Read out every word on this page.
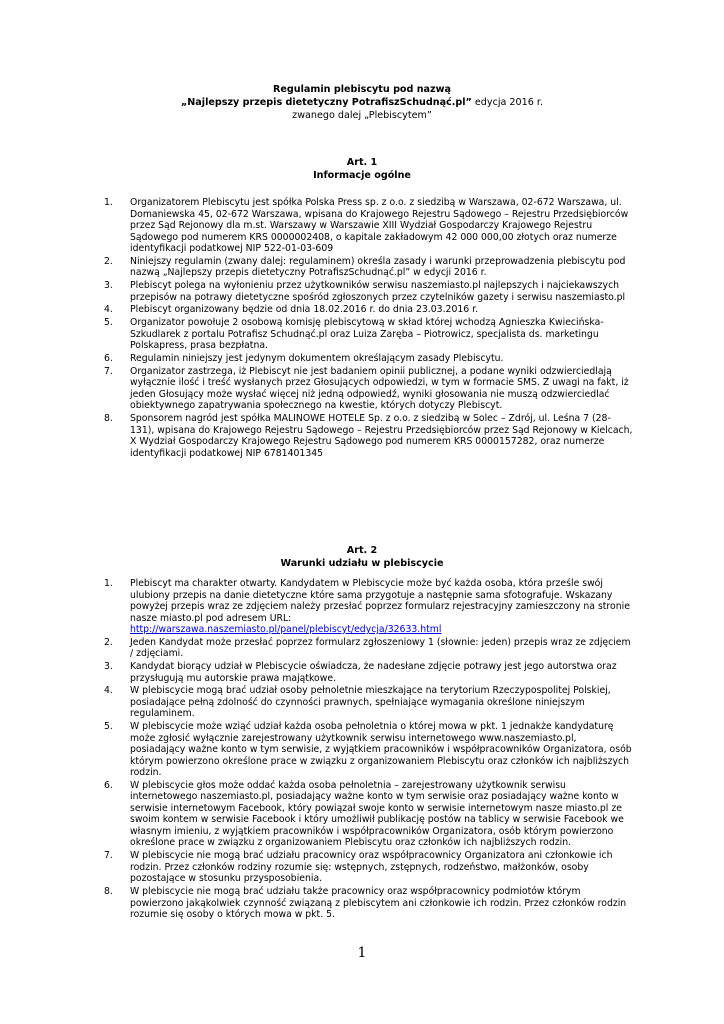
Regulamin plebiscytu pod nazwą
„Najlepszy przepis dietetyczny PotrafiszSchudnąć.pl” edycja 2016 r.
zwanego dalej „Plebiscytem”
Art. 1
Informacje ogólne
1.	Organizatorem Plebiscytu jest spółka Polska Press sp. z o.o. z siedzibą w Warszawa, 02-672 Warszawa, ul. Domaniewska 45, 02-672 Warszawa, wpisana do Krajowego Rejestru Sądowego – Rejestru Przedsiębiorców przez Sąd Rejonowy dla m.st. Warszawy w Warszawie XIII Wydział Gospodarczy Krajowego Rejestru Sądowego pod numerem KRS 0000002408, o kapitale zakładowym 42 000 000,00 złotych oraz numerze identyfikacji podatkowej NIP 522-01-03-609
2.	Niniejszy regulamin (zwany dalej: regulaminem) określa zasady i warunki przeprowadzenia plebiscytu pod nazwą „Najlepszy przepis dietetyczny PotrafiszSchudnąć.pl” w edycji 2016 r.
3.	Plebiscyt polega na wyłonieniu przez użytkowników serwisu naszemiasto.pl najlepszych i najciekawszych przepisów na potrawy dietetyczne spośród zgłoszonych przez czytelników gazety i serwisu naszemiasto.pl
4.	Plebiscyt organizowany będzie od dnia 18.02.2016 r. do dnia 23.03.2016 r.
5.	Organizator powołuje 2 osobową komisję plebiscytową w skład której wchodzą Agnieszka Kwiecińska-Szkudlarek z portalu Potrafisz Schudnąć.pl oraz Luiza Zaręba – Piotrowicz, specjalista ds. marketingu Polskapress, prasa bezpłatna.
6.	Regulamin niniejszy jest jedynym dokumentem określającym zasady Plebiscytu.
7.	Organizator zastrzega, iż Plebiscyt nie jest badaniem opinii publicznej, a podane wyniki odzwierciedlają wyłącznie ilość i treść wysłanych przez Głosujących odpowiedzi, w tym w formacie SMS. Z uwagi na fakt, iż jeden Głosujący może wysłać więcej niż jedną odpowiedź, wyniki głosowania nie muszą odzwierciedlać obiektywnego zapatrywania społecznego na kwestie, których dotyczy Plebiscyt.
8.	Sponsorem nagród jest spółka MALINOWE HOTELE Sp. z o.o. z siedzibą w Solec – Zdrój, ul. Leśna 7 (28-131), wpisana do Krajowego Rejestru Sądowego – Rejestru Przedsiębiorców przez Sąd Rejonowy w Kielcach, X Wydział Gospodarczy Krajowego Rejestru Sądowego pod numerem KRS 0000157282, oraz numerze identyfikacji podatkowej NIP 6781401345
Art. 2
Warunki udziału w plebiscycie
1.	Plebiscyt ma charakter otwarty. Kandydatem w Plebiscycie może być każda osoba, która prześle swój ulubiony przepis na danie dietetyczne które sama przygotuje a następnie sama sfotografuje. Wskazany powyżej przepis wraz ze zdjęciem należy przesłać poprzez formularz rejestracyjny zamieszczony na stronie nasze miasto.pl pod adresem URL:
http://warszawa.naszemiasto.pl/panel/plebiscyt/edycja/32633.html
2.	Jeden Kandydat może przesłać poprzez formularz zgłoszeniowy 1 (słownie: jeden) przepis wraz ze zdjęciem / zdjęciami.
3.	Kandydat biorący udział w Plebiscycie oświadcza, że nadesłane zdjęcie potrawy jest jego autorstwa oraz przysługują mu autorskie prawa majątkowe.
4.	W plebiscycie mogą brać udział osoby pełnoletnie mieszkające na terytorium Rzeczypospolitej Polskiej, posiadające pełną zdolność do czynności prawnych, spełniające wymagania określone niniejszym regulaminem.
5.	W plebiscycie może wziąć udział każda osoba pełnoletnia o której mowa w pkt. 1 jednakże kandydaturę może zgłosić wyłącznie zarejestrowany użytkownik serwisu internetowego www.naszemiasto.pl, posiadający ważne konto w tym serwisie, z wyjątkiem pracowników i współpracowników Organizatora, osób którym powierzono określone prace w związku z organizowaniem Plebiscytu oraz członków ich najbliższych rodzin.
6.	W plebiscycie głos może oddać każda osoba pełnoletnia – zarejestrowany użytkownik serwisu internetowego naszemiasto.pl, posiadający ważne konto w tym serwisie oraz posiadający ważne konto w serwisie internetowym Facebook, który powiązał swoje konto w serwisie internetowym nasze miasto.pl ze swoim kontem w serwisie Facebook i który umożliwił publikację postów na tablicy w serwisie Facebook we własnym imieniu, z wyjątkiem pracowników i współpracowników Organizatora, osób którym powierzono określone prace w związku z organizowaniem Plebiscytu oraz członków ich najbliższych rodzin.
7.	W plebiscycie nie mogą brać udziału pracownicy oraz współpracownicy Organizatora ani członkowie ich rodzin. Przez członków rodziny rozumie się: wstępnych, zstępnych, rodzeństwo, małżonków, osoby pozostające w stosunku przysposobienia.
8.	W plebiscycie nie mogą brać udziału także pracownicy oraz współpracownicy podmiotów którym powierzono jakąkolwiek czynność związaną z plebiscytem ani członkowie ich rodzin. Przez członków rodzin rozumie się osoby o których mowa w pkt. 5.
1
